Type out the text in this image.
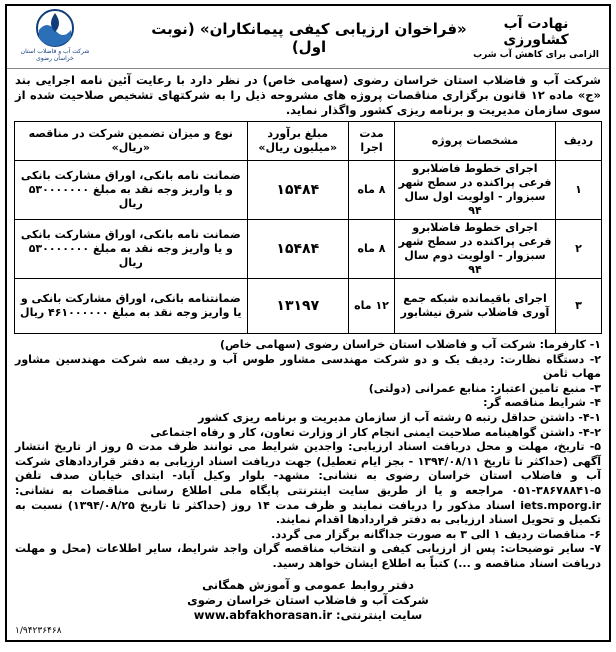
نهادت آب کشاورزی
الزامی برای کاهش آب شرب
«فراخوان ارزیابی کیفی پیمانکاران» (نوبت اول)
شرکت آب و فاضلاب استان خراسان رضوی
شرکت آب و فاضلاب استان خراسان رضوی (سهامی خاص) در نظر دارد با رعایت آئین نامه اجرایی بند «ج» ماده ۱۲ قانون برگزاری مناقصات پروژه های مشروحه ذیل را به شرکتهای تشخیص صلاحیت شده از سوی سازمان مدیریت و برنامه ریزی کشور واگذار نماید.
ردیف	مشخصات پروژه	مدت اجرا	مبلغ برآورد «میلیون ریال»	نوع و میزان تضمین شرکت در مناقصه «ریال»
۱	اجرای خطوط فاضلابرو فرعی پراکنده در سطح شهر سبزوار - اولویت اول سال ۹۴	۸ ماه	۱۵۴۸۴	ضمانت نامه بانکی، اوراق مشارکت بانکی و یا واریز وجه نقد به مبلغ ۵۳۰۰۰۰۰۰۰ ریال
۲	اجرای خطوط فاضلابرو فرعی پراکنده در سطح شهر سبزوار - اولویت دوم سال ۹۴	۸ ماه	۱۵۴۸۴	ضمانت نامه بانکی، اوراق مشارکت بانکی و یا واریز وجه نقد به مبلغ ۵۳۰۰۰۰۰۰۰ ریال
۳	اجرای باقیمانده شبکه جمع آوری فاضلاب شرق نیشابور	۱۲ ماه	۱۳۱۹۷	ضمانتنامه بانکی، اوراق مشارکت بانکی و یا واریز وجه نقد به مبلغ ۴۶۱۰۰۰۰۰۰ ریال
۱- کارفرما: شرکت آب و فاضلاب استان خراسان رضوی (سهامی خاص)
۲- دستگاه نظارت: ردیف یک و دو شرکت مهندسی مشاور طوس آب و ردیف سه شرکت مهندسین مشاور مهاب ثامن
۳- منبع تامین اعتبار: منابع عمرانی (دولتی)
۴- شرایط مناقصه گر:
۴-۱- داشتن حداقل رتبه ۵ رشته آب از سازمان مدیریت و برنامه ریزی کشور
۴-۲- داشتن گواهینامه صلاحیت ایمنی انجام کار از وزارت تعاون، کار و رفاه اجتماعی
۵- تاریخ، مهلت و محل دریافت اسناد ارزیابی: واجدین شرایط می توانند ظرف مدت ۵ روز از تاریخ انتشار آگهی (حداکثر تا تاریخ ۱۳۹۴/۰۸/۱۱ - بجز ایام تعطیل) جهت دریافت اسناد ارزیابی به دفتر قراردادهای شرکت آب و فاضلاب استان خراسان رضوی به نشانی: مشهد- بلوار وکیل آباد- ابتدای خیابان صدف تلفن ۵-۳۸۶۷۸۸۴۱-۰۵۱ مراجعه و یا از طریق سایت اینترنتی پایگاه ملی اطلاع رسانی مناقصات به نشانی: iets.mporg.ir اسناد مذکور را دریافت نمایند و ظرف مدت ۱۴ روز (حداکثر تا تاریخ ۱۳۹۴/۰۸/۲۵) نسبت به تکمیل و تحویل اسناد ارزیابی به دفتر قراردادها اقدام نمایند.
۶- مناقصات ردیف ۱ الی ۳ به صورت جداگانه برگزار می گردد.
۷- سایر توضیحات: پس از ارزیابی کیفی و انتخاب مناقصه گران واجد شرایط، سایر اطلاعات (محل و مهلت دریافت اسناد مناقصه و ...) کتباً به اطلاع ایشان خواهد رسید.
دفتر روابط عمومی و آموزش همگانی
شرکت آب و فاضلاب استان خراسان رضوی
سایت اینترنتی: www.abfakhorasan.ir
۱/۹۴۲۳۶۴۶۸
